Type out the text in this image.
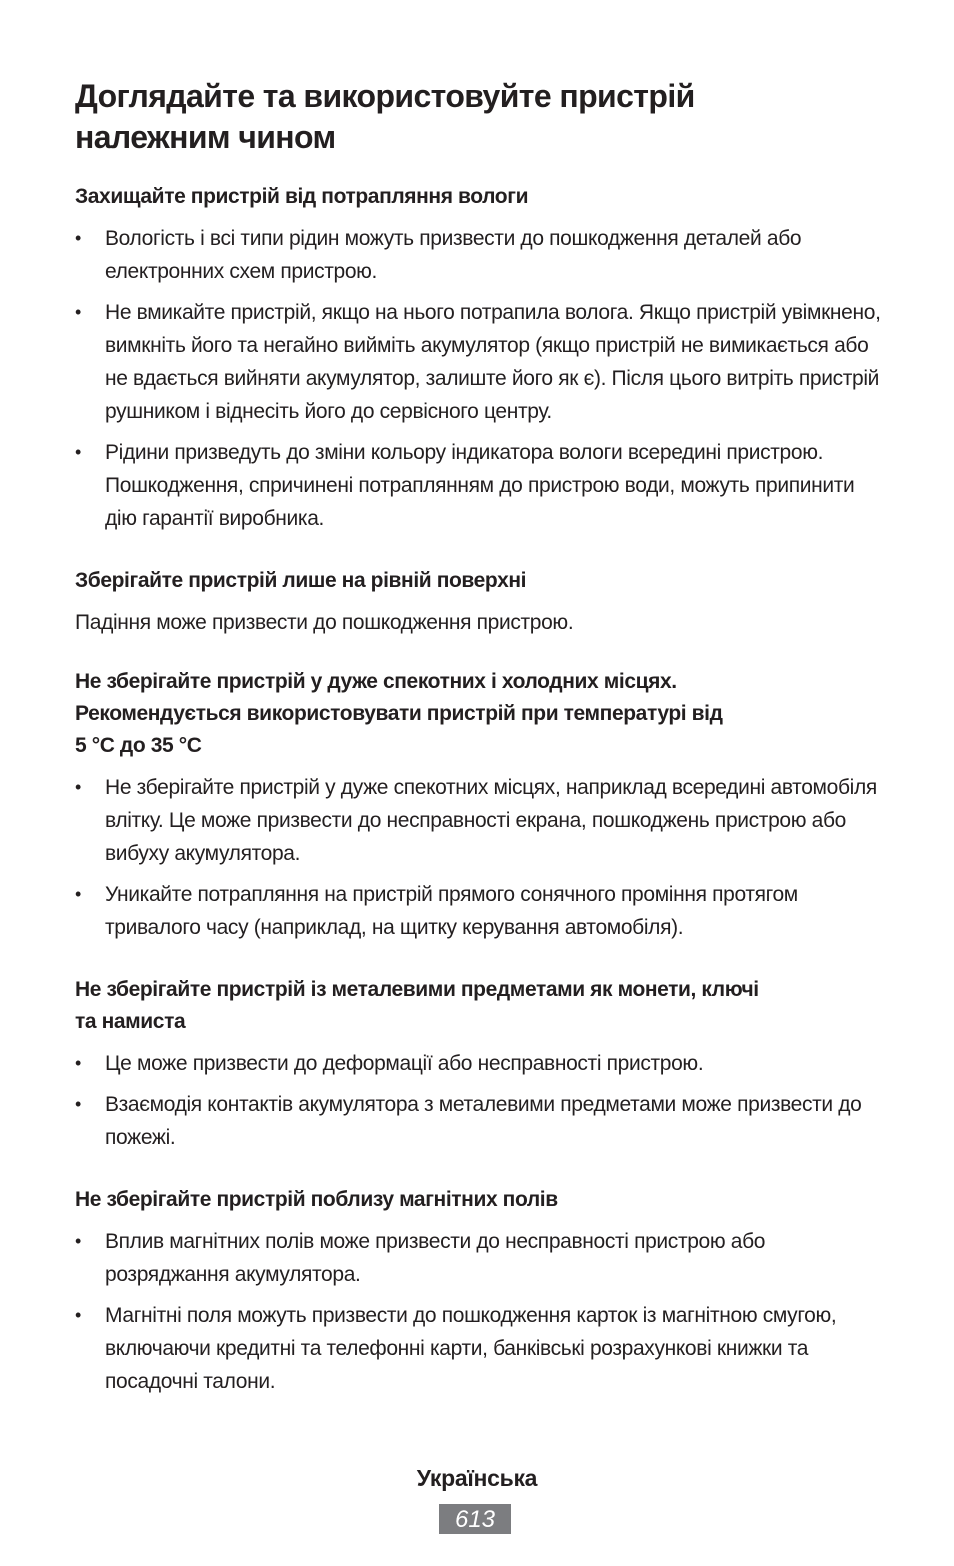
Доглядайте та використовуйте пристрій
належним чином
Захищайте пристрій від потрапляння вологи
•	Вологість і всі типи рідин можуть призвести до пошкодження деталей або електронних схем пристрою.
•	Не вмикайте пристрій, якщо на нього потрапила волога. Якщо пристрій увімкнено, вимкніть його та негайно вийміть акумулятор (якщо пристрій не вимикається або не вдається вийняти акумулятор, залиште його як є). Після цього витріть пристрій рушником і віднесіть його до сервісного центру.
•	Рідини призведуть до зміни кольору індикатора вологи всередині пристрою. Пошкодження, спричинені потраплянням до пристрою води, можуть припинити дію гарантії виробника.
Зберігайте пристрій лише на рівній поверхні
Падіння може призвести до пошкодження пристрою.
Не зберігайте пристрій у дуже спекотних і холодних місцях.
Рекомендується використовувати пристрій при температурі від
5 °C до 35 °C
•	Не зберігайте пристрій у дуже спекотних місцях, наприклад всередині автомобіля влітку. Це може призвести до несправності екрана, пошкоджень пристрою або вибуху акумулятора.
•	Уникайте потрапляння на пристрій прямого сонячного проміння протягом тривалого часу (наприклад, на щитку керування автомобіля).
Не зберігайте пристрій із металевими предметами як монети, ключі
та намиста
•	Це може призвести до деформації або несправності пристрою.
•	Взаємодія контактів акумулятора з металевими предметами може призвести до пожежі.
Не зберігайте пристрій поблизу магнітних полів
•	Вплив магнітних полів може призвести до несправності пристрою або розряджання акумулятора.
•	Магнітні поля можуть призвести до пошкодження карток із магнітною смугою, включаючи кредитні та телефонні карти, банківські розрахункові книжки та посадочні талони.
Українська
613
